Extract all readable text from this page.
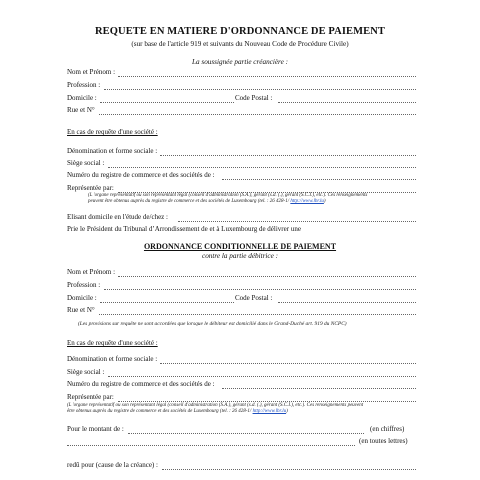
REQUETE EN MATIERE D'ORDONNANCE DE PAIEMENT
(sur base de l'article 919 et suivants du Nouveau Code de Procédure Civile)
La soussignée partie créancière :
Nom et Prénom :
Profession :
Domicile :	Code Postal :
Rue et N°
En cas de requête d'une société :
Dénomination et forme sociale :
Siège social :
Numéro du registre de commerce et des sociétés de :
Représentée par:
(L 'organe représentatif ou son représentant légal (conseil d'administration (S.A.), gérant (s.d. (.), gérant (S.C.I.), etc.). Ces renseignements
peuvent être obtenus auprès du registre de commerce et des sociétés de Luxembourg (tel. : 26 428-1/ http://www.lbr.lu)
Elisant domicile en l'étude de/chez :
Prie le Président du Tribunal d’Arrondissement de et à Luxembourg de délivrer une
ORDONNANCE CONDITIONNELLE DE PAIEMENT
contre la partie débitrice :
Nom et Prénom :
Profession :
Domicile :	Code Postal :
Rue et N°
(Les provisions sur requête ne sont accordées que lorsque le débiteur est domicilié dans le Grand-Duché art. 919 du NCPC)
En cas de requête d'une société :
Dénomination et forme sociale :
Siège social :
Numéro du registre de commerce et des sociétés de :
Représentée par:
(L 'organe représentatif ou son représentant légal (conseil d'administration (S.A.), gérant (s.d. (.), gérant (S.C.I.), etc.). Ces renseignements peuvent
être obtenus auprès du registre de commerce et des sociétés de Luxembourg (tel. : 26 428-1/ http://www.lbr.lu)
Pour le montant de :	(en chiffres)
(en toutes lettres)
redû pour (cause de la créance) :
